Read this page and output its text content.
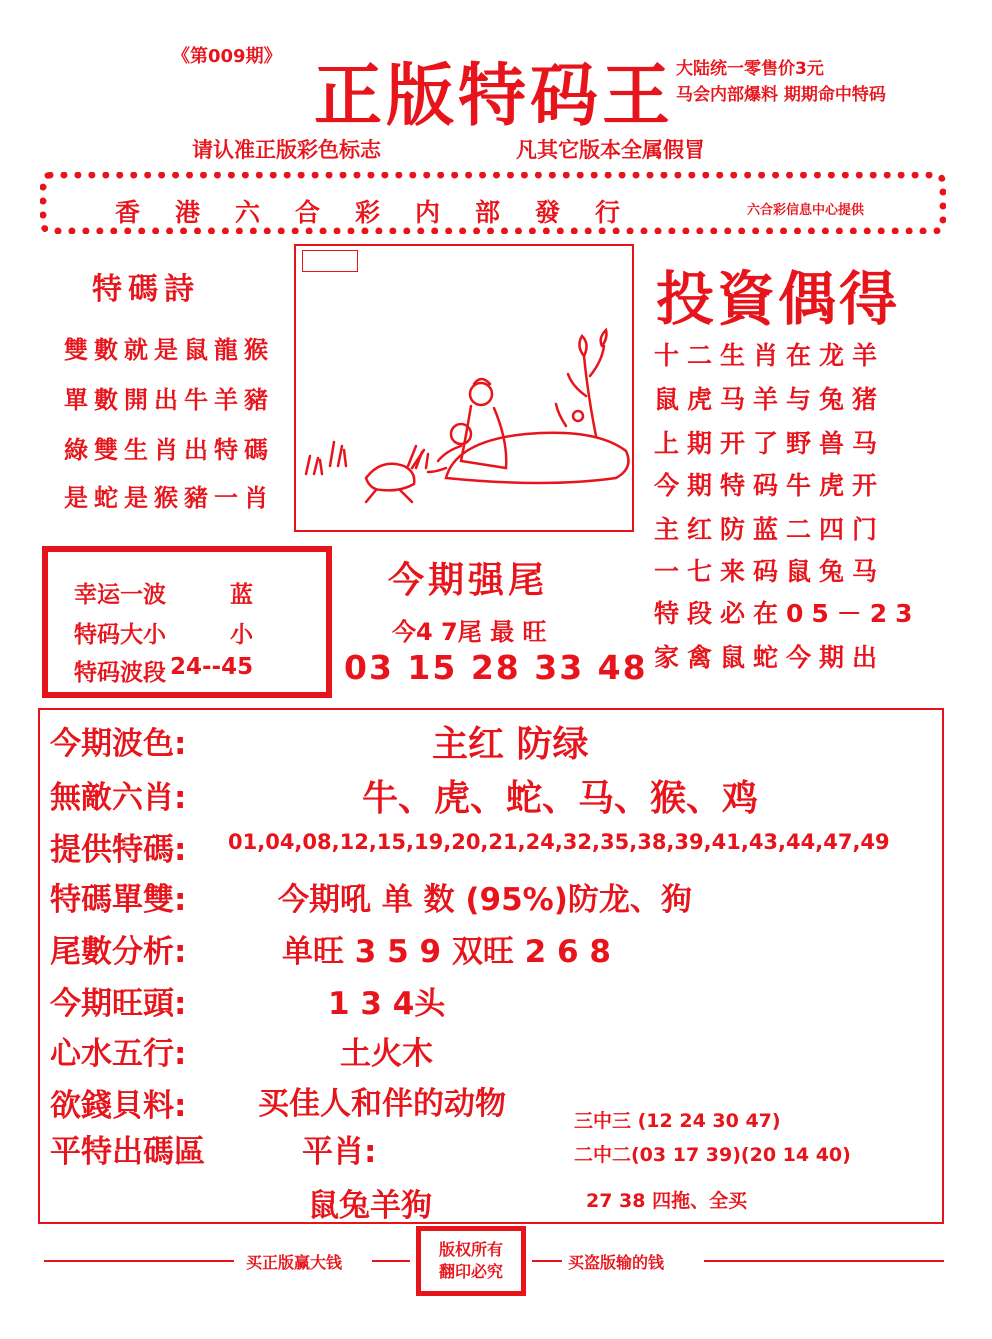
《第009期》 正版特码王 大陆统一零售价3元
马会内部爆料 期期命中特码
请认准正版彩色标志	凡其它版本全属假冒
香港六合彩内部發行	六合彩信息中心提供
特碼詩
雙數就是鼠龍猴
單數開出牛羊豬
綠雙生肖出特碼
是蛇是猴豬一肖
投資偶得
十二生肖在龙羊
鼠虎马羊与兔猪
上期开了野兽马
今期特码牛虎开
主红防蓝二四门
一七来码鼠兔马
特段必在05－23
家禽鼠蛇今期出
幸运一波	蓝
特码大小	小
特码波段 24--45
今期强尾
今4 7尾 最 旺
03 15 28 33 48
今期波色:	主红 防绿
無敵六肖:	牛、虎、蛇、马、猴、鸡
提供特碼: 01,04,08,12,15,19,20,21,24,32,35,38,39,41,43,44,47,49
特碼單雙:	今期吼 单 数 (95%)防龙、狗
尾數分析:	单旺 3 5 9 双旺 2 6 8
今期旺頭:	1 3 4头
心水五行:	土火木
欲錢貝料: 买佳人和伴的动物
平特出碼區	平肖:
鼠兔羊狗
三中三 (12 24 30 47)
二中二(03 17 39)(20 14 40)
27 38 四拖、全买
买正版赢大钱
版权所有
翻印必究	买盗版输的钱
